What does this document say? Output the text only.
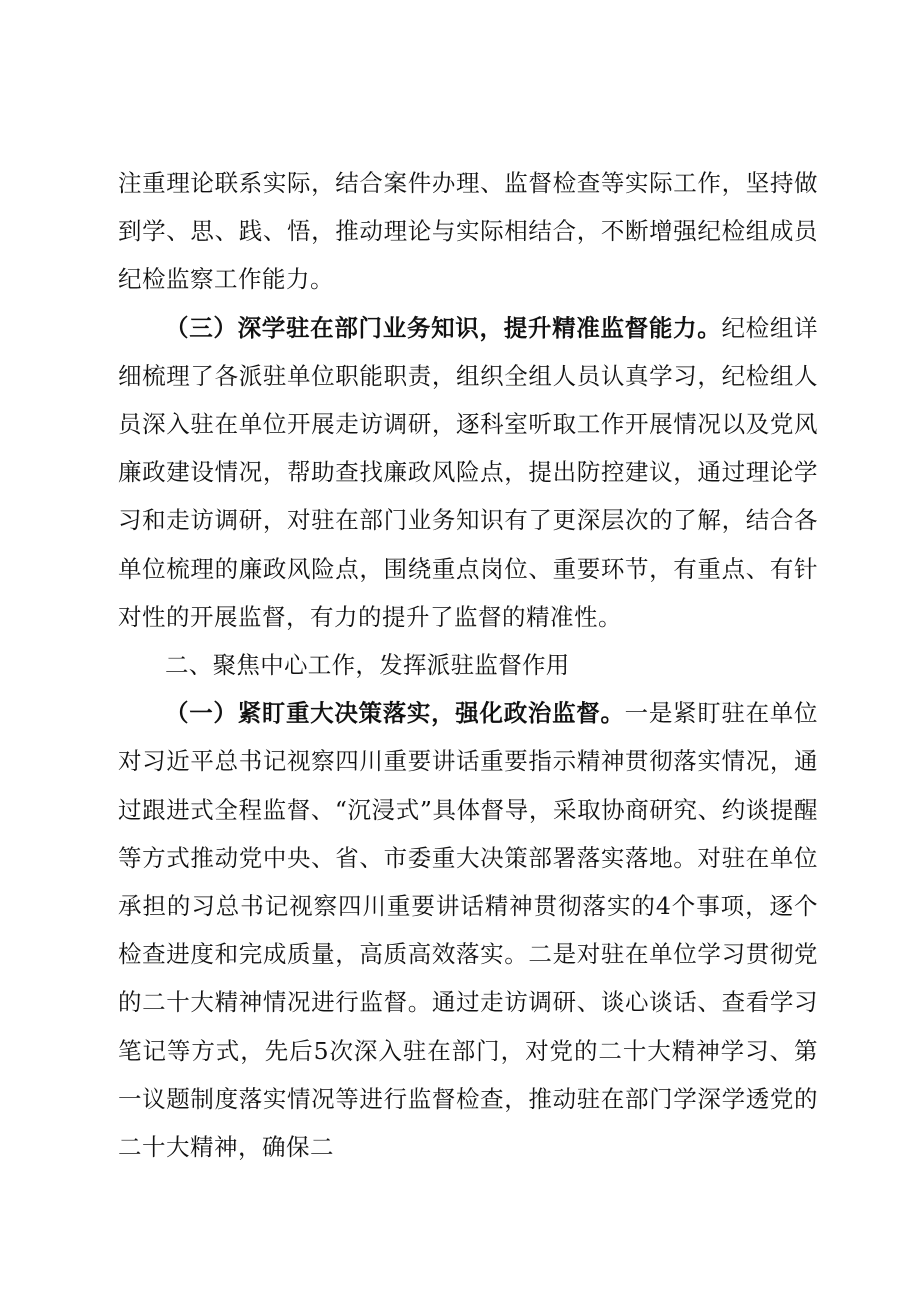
注重理论联系实际，结合案件办理、监督检查等实际工作，坚持做到学、思、践、悟，推动理论与实际相结合，不断增强纪检组成员纪检监察工作能力。

（三）深学驻在部门业务知识，提升精准监督能力。纪检组详细梳理了各派驻单位职能职责，组织全组人员认真学习，纪检组人员深入驻在单位开展走访调研，逐科室听取工作开展情况以及党风廉政建设情况，帮助查找廉政风险点，提出防控建议，通过理论学习和走访调研，对驻在部门业务知识有了更深层次的了解，结合各单位梳理的廉政风险点，围绕重点岗位、重要环节，有重点、有针对性的开展监督，有力的提升了监督的精准性。

二、聚焦中心工作，发挥派驻监督作用

（一）紧盯重大决策落实，强化政治监督。一是紧盯驻在单位对习近平总书记视察四川重要讲话重要指示精神贯彻落实情况，通过跟进式全程监督、“沉浸式”具体督导，采取协商研究、约谈提醒等方式推动党中央、省、市委重大决策部署落实落地。对驻在单位承担的习总书记视察四川重要讲话精神贯彻落实的4个事项，逐个检查进度和完成质量，高质高效落实。二是对驻在单位学习贯彻党的二十大精神情况进行监督。通过走访调研、谈心谈话、查看学习笔记等方式，先后5次深入驻在部门，对党的二十大精神学习、第一议题制度落实情况等进行监督检查，推动驻在部门学深学透党的二十大精神，确保二
